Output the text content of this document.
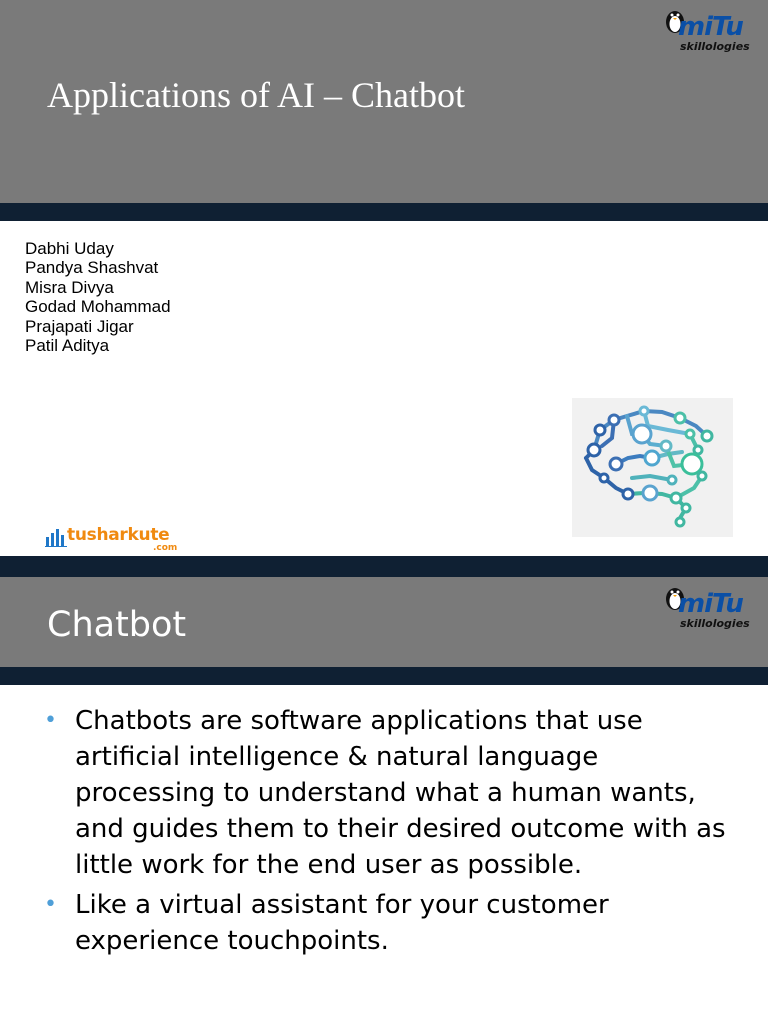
Applications of AI – Chatbot
miTu
skillologies
Dabhi Uday
Pandya Shashvat
Misra Divya
Godad Mohammad
Prajapati Jigar
Patil Aditya
tusharkute
.com
Chatbot
miTu
skillologies
• Chatbots are software applications that use artificial intelligence & natural language processing to understand what a human wants, and guides them to their desired outcome with as little work for the end user as possible.
• Like a virtual assistant for your customer experience touchpoints.
